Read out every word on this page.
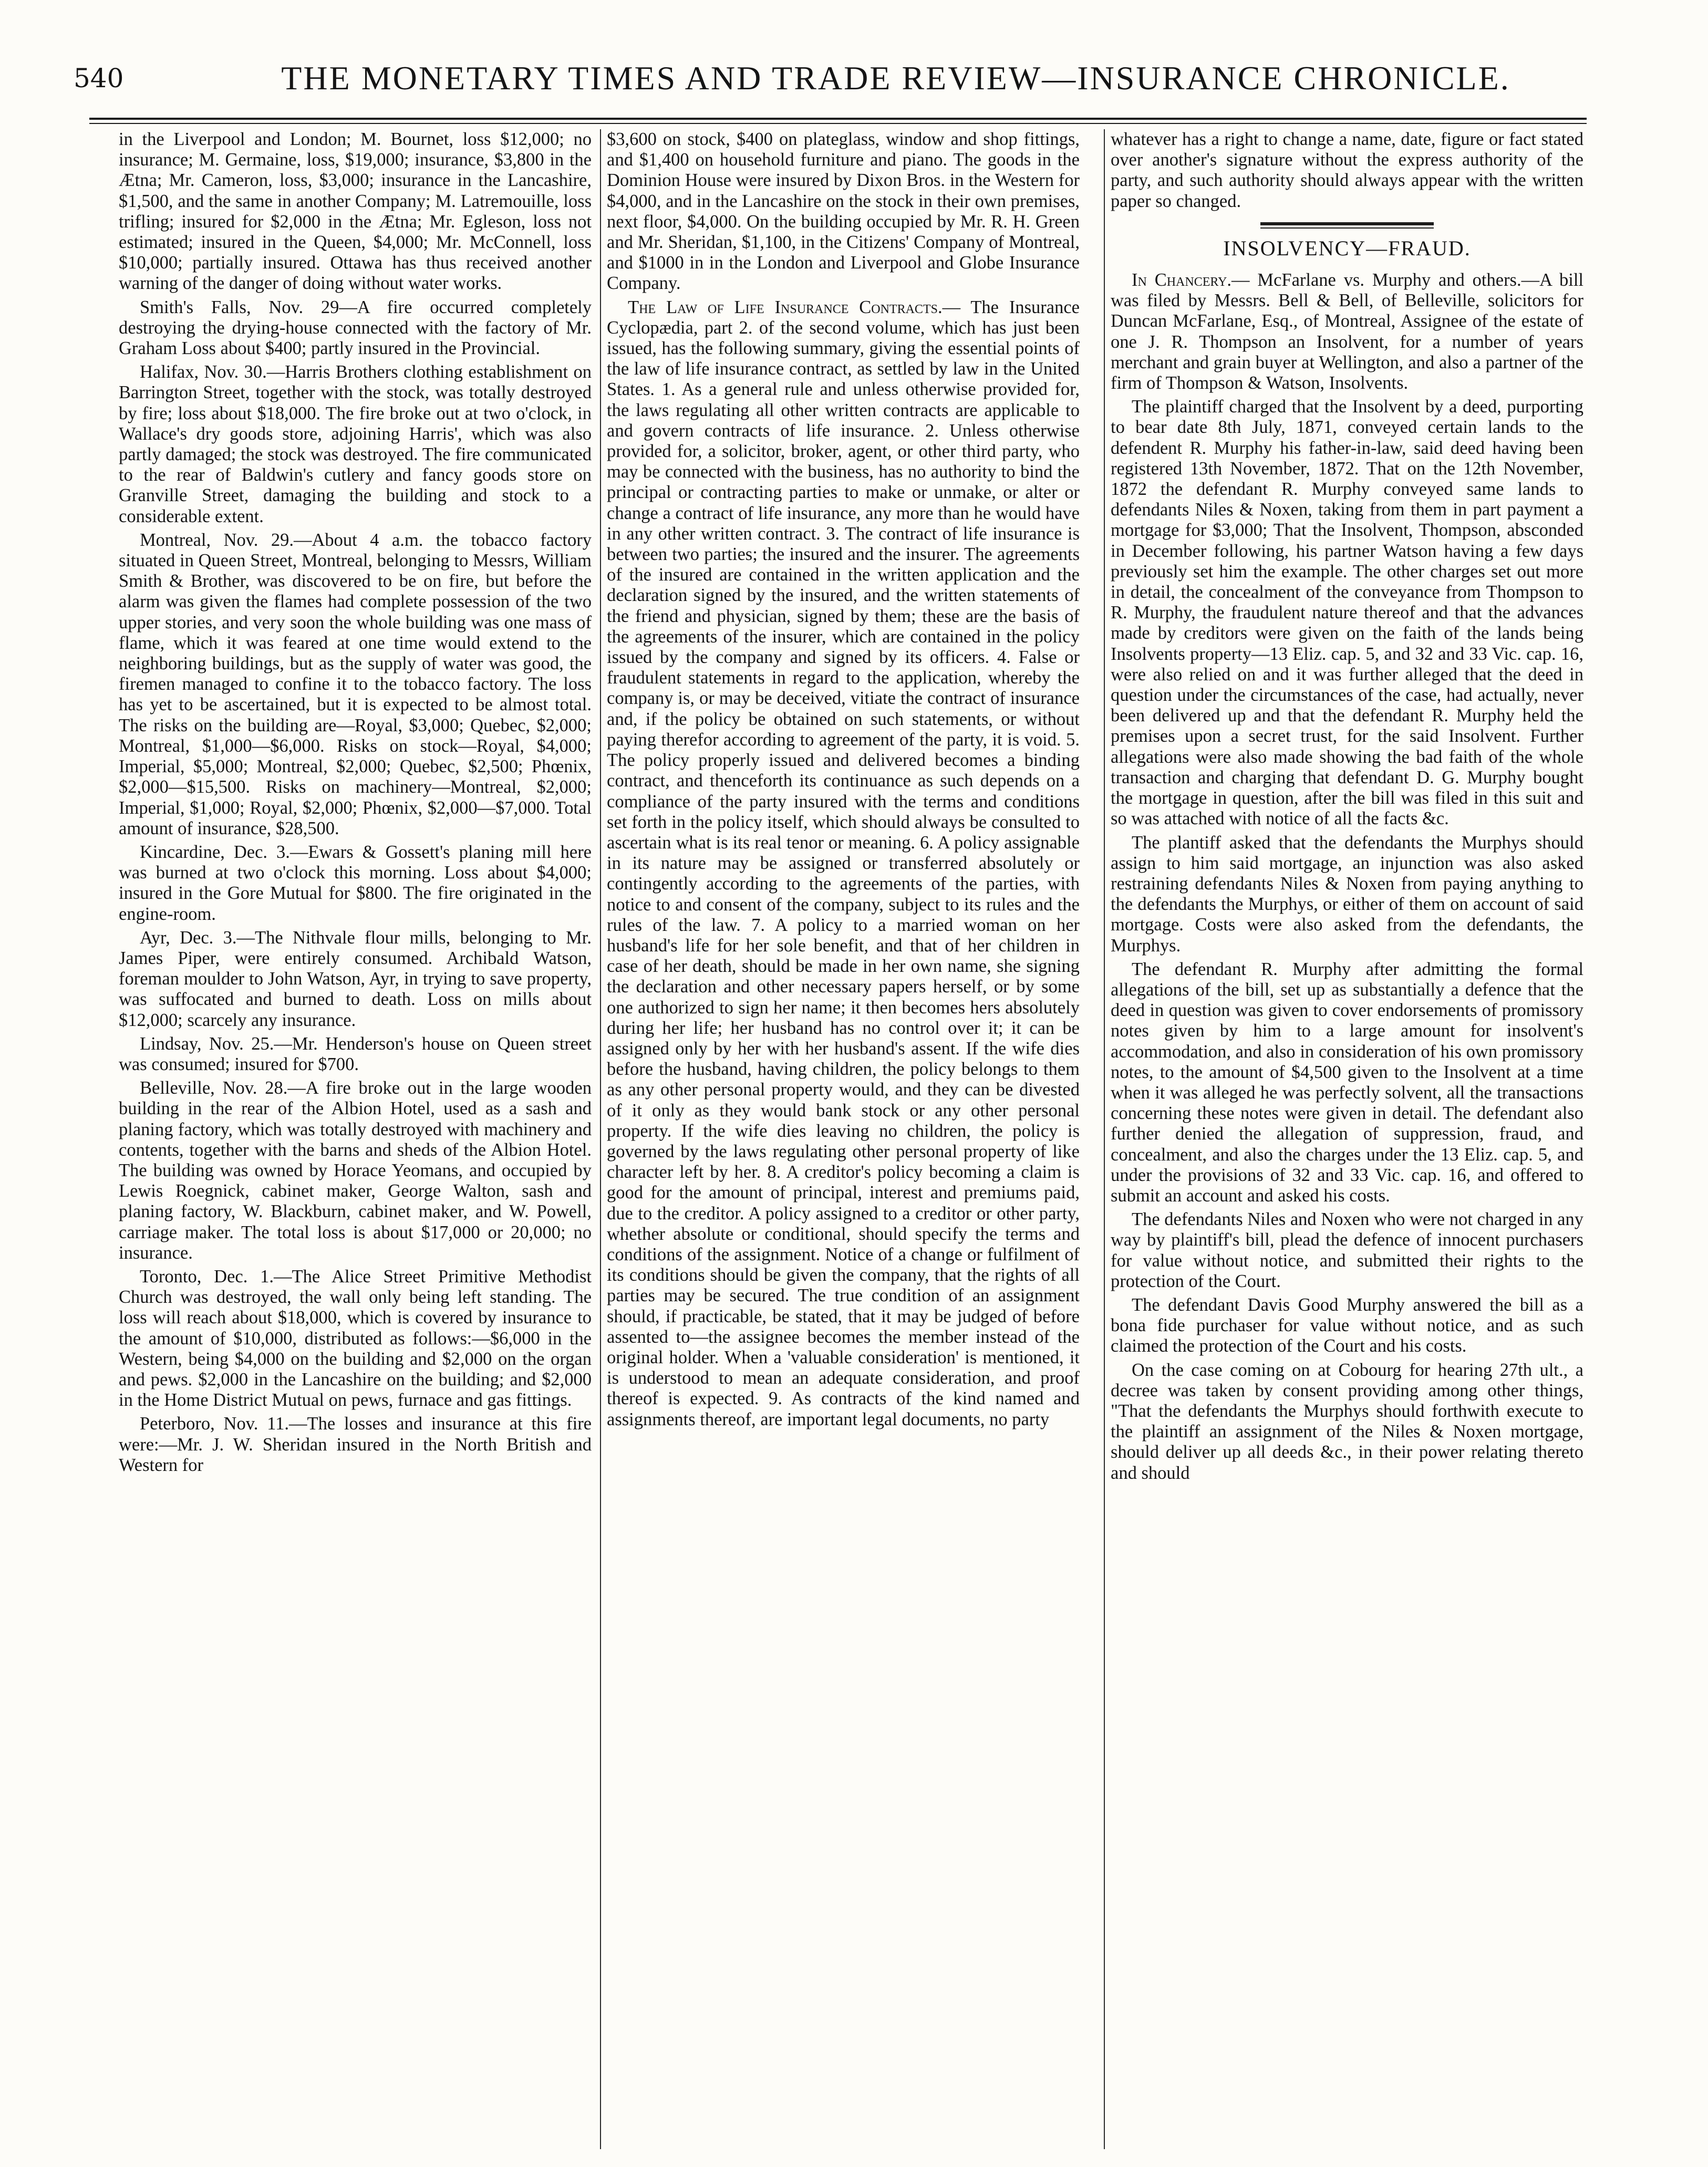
540	THE MONETARY TIMES AND TRADE REVIEW—INSURANCE CHRONICLE.

in the Liverpool and London; M. Bournet, loss $12,000; no insurance; M. Germaine, loss, $19,000; insurance, $3,800 in the Ætna; Mr. Cameron, loss, $3,000; insurance in the Lancashire, $1,500, and the same in another Company; M. Latremouille, loss trifling; insured for $2,000 in the Ætna; Mr. Egleson, loss not estimated; insured in the Queen, $4,000; Mr. McConnell, loss $10,000; partially insured. Ottawa has thus received another warning of the danger of doing without water works.

Smith's Falls, Nov. 29—A fire occurred completely destroying the drying-house connected with the factory of Mr. Graham Loss about $400; partly insured in the Provincial.

Halifax, Nov. 30.—Harris Brothers clothing establishment on Barrington Street, together with the stock, was totally destroyed by fire; loss about $18,000. The fire broke out at two o'clock, in Wallace's dry goods store, adjoining Harris', which was also partly damaged; the stock was destroyed. The fire communicated to the rear of Baldwin's cutlery and fancy goods store on Granville Street, damaging the building and stock to a considerable extent.

Montreal, Nov. 29.—About 4 a.m. the tobacco factory situated in Queen Street, Montreal, belonging to Messrs, William Smith & Brother, was discovered to be on fire, but before the alarm was given the flames had complete possession of the two upper stories, and very soon the whole building was one mass of flame, which it was feared at one time would extend to the neighboring buildings, but as the supply of water was good, the firemen managed to confine it to the tobacco factory. The loss has yet to be ascertained, but it is expected to be almost total. The risks on the building are—Royal, $3,000; Quebec, $2,000; Montreal, $1,000—$6,000. Risks on stock—Royal, $4,000; Imperial, $5,000; Montreal, $2,000; Quebec, $2,500; Phœnix, $2,000—$15,500. Risks on machinery—Montreal, $2,000; Imperial, $1,000; Royal, $2,000; Phœnix, $2,000—$7,000. Total amount of insurance, $28,500.

Kincardine, Dec. 3.—Ewars & Gossett's planing mill here was burned at two o'clock this morning. Loss about $4,000; insured in the Gore Mutual for $800. The fire originated in the engine-room.

Ayr, Dec. 3.—The Nithvale flour mills, belonging to Mr. James Piper, were entirely consumed. Archibald Watson, foreman moulder to John Watson, Ayr, in trying to save property, was suffocated and burned to death. Loss on mills about $12,000; scarcely any insurance.

Lindsay, Nov. 25.—Mr. Henderson's house on Queen street was consumed; insured for $700.

Belleville, Nov. 28.—A fire broke out in the large wooden building in the rear of the Albion Hotel, used as a sash and planing factory, which was totally destroyed with machinery and contents, together with the barns and sheds of the Albion Hotel. The building was owned by Horace Yeomans, and occupied by Lewis Roegnick, cabinet maker, George Walton, sash and planing factory, W. Blackburn, cabinet maker, and W. Powell, carriage maker. The total loss is about $17,000 or 20,000; no insurance.

Toronto, Dec. 1.—The Alice Street Primitive Methodist Church was destroyed, the wall only being left standing. The loss will reach about $18,000, which is covered by insurance to the amount of $10,000, distributed as follows:—$6,000 in the Western, being $4,000 on the building and $2,000 on the organ and pews. $2,000 in the Lancashire on the building; and $2,000 in the Home District Mutual on pews, furnace and gas fittings.

Peterboro, Nov. 11.—The losses and insurance at this fire were:—Mr. J. W. Sheridan insured in the North British and Western for

$3,600 on stock, $400 on plateglass, window and shop fittings, and $1,400 on household furniture and piano. The goods in the Dominion House were insured by Dixon Bros. in the Western for $4,000, and in the Lancashire on the stock in their own premises, next floor, $4,000. On the building occupied by Mr. R. H. Green and Mr. Sheridan, $1,100, in the Citizens' Company of Montreal, and $1000 in in the London and Liverpool and Globe Insurance Company.

The Law of Life Insurance Contracts.— The Insurance Cyclopædia, part 2. of the second volume, which has just been issued, has the following summary, giving the essential points of the law of life insurance contract, as settled by law in the United States. 1. As a general rule and unless otherwise provided for, the laws regulating all other written contracts are applicable to and govern contracts of life insurance. 2. Unless otherwise provided for, a solicitor, broker, agent, or other third party, who may be connected with the business, has no authority to bind the principal or contracting parties to make or unmake, or alter or change a contract of life insurance, any more than he would have in any other written contract. 3. The contract of life insurance is between two parties; the insured and the insurer. The agreements of the insured are contained in the written application and the declaration signed by the insured, and the written statements of the friend and physician, signed by them; these are the basis of the agreements of the insurer, which are contained in the policy issued by the company and signed by its officers. 4. False or fraudulent statements in regard to the application, whereby the company is, or may be deceived, vitiate the contract of insurance and, if the policy be obtained on such statements, or without paying therefor according to agreement of the party, it is void. 5. The policy properly issued and delivered becomes a binding contract, and thenceforth its continuance as such depends on a compliance of the party insured with the terms and conditions set forth in the policy itself, which should always be consulted to ascertain what is its real tenor or meaning. 6. A policy assignable in its nature may be assigned or transferred absolutely or contingently according to the agreements of the parties, with notice to and consent of the company, subject to its rules and the rules of the law. 7. A policy to a married woman on her husband's life for her sole benefit, and that of her children in case of her death, should be made in her own name, she signing the declaration and other necessary papers herself, or by some one authorized to sign her name; it then becomes hers absolutely during her life; her husband has no control over it; it can be assigned only by her with her husband's assent. If the wife dies before the husband, having children, the policy belongs to them as any other personal property would, and they can be divested of it only as they would bank stock or any other personal property. If the wife dies leaving no children, the policy is governed by the laws regulating other personal property of like character left by her. 8. A creditor's policy becoming a claim is good for the amount of principal, interest and premiums paid, due to the creditor. A policy assigned to a creditor or other party, whether absolute or conditional, should specify the terms and conditions of the assignment. Notice of a change or fulfilment of its conditions should be given the company, that the rights of all parties may be secured. The true condition of an assignment should, if practicable, be stated, that it may be judged of before assented to—the assignee becomes the member instead of the original holder. When a 'valuable consideration' is mentioned, it is understood to mean an adequate consideration, and proof thereof is expected. 9. As contracts of the kind named and assignments thereof, are important legal documents, no party

whatever has a right to change a name, date, figure or fact stated over another's signature without the express authority of the party, and such authority should always appear with the written paper so changed.

INSOLVENCY—FRAUD.

In Chancery.— McFarlane vs. Murphy and others.—A bill was filed by Messrs. Bell & Bell, of Belleville, solicitors for Duncan McFarlane, Esq., of Montreal, Assignee of the estate of one J. R. Thompson an Insolvent, for a number of years merchant and grain buyer at Wellington, and also a partner of the firm of Thompson & Watson, Insolvents.

The plaintiff charged that the Insolvent by a deed, purporting to bear date 8th July, 1871, conveyed certain lands to the defendent R. Murphy his father-in-law, said deed having been registered 13th November, 1872. That on the 12th November, 1872 the defendant R. Murphy conveyed same lands to defendants Niles & Noxen, taking from them in part payment a mortgage for $3,000; That the Insolvent, Thompson, absconded in December following, his partner Watson having a few days previously set him the example. The other charges set out more in detail, the concealment of the conveyance from Thompson to R. Murphy, the fraudulent nature thereof and that the advances made by creditors were given on the faith of the lands being Insolvents property—13 Eliz. cap. 5, and 32 and 33 Vic. cap. 16, were also relied on and it was further alleged that the deed in question under the circumstances of the case, had actually, never been delivered up and that the defendant R. Murphy held the premises upon a secret trust, for the said Insolvent. Further allegations were also made showing the bad faith of the whole transaction and charging that defendant D. G. Murphy bought the mortgage in question, after the bill was filed in this suit and so was attached with notice of all the facts &c.

The plantiff asked that the defendants the Murphys should assign to him said mortgage, an injunction was also asked restraining defendants Niles & Noxen from paying anything to the defendants the Murphys, or either of them on account of said mortgage. Costs were also asked from the defendants, the Murphys.

The defendant R. Murphy after admitting the formal allegations of the bill, set up as substantially a defence that the deed in question was given to cover endorsements of promissory notes given by him to a large amount for insolvent's accommodation, and also in consideration of his own promissory notes, to the amount of $4,500 given to the Insolvent at a time when it was alleged he was perfectly solvent, all the transactions concerning these notes were given in detail. The defendant also further denied the allegation of suppression, fraud, and concealment, and also the charges under the 13 Eliz. cap. 5, and under the provisions of 32 and 33 Vic. cap. 16, and offered to submit an account and asked his costs.

The defendants Niles and Noxen who were not charged in any way by plaintiff's bill, plead the defence of innocent purchasers for value without notice, and submitted their rights to the protection of the Court.

The defendant Davis Good Murphy answered the bill as a bona fide purchaser for value without notice, and as such claimed the protection of the Court and his costs.

On the case coming on at Cobourg for hearing 27th ult., a decree was taken by consent providing among other things, "That the defendants the Murphys should forthwith execute to the plaintiff an assignment of the Niles & Noxen mortgage, should deliver up all deeds &c., in their power relating thereto and should
